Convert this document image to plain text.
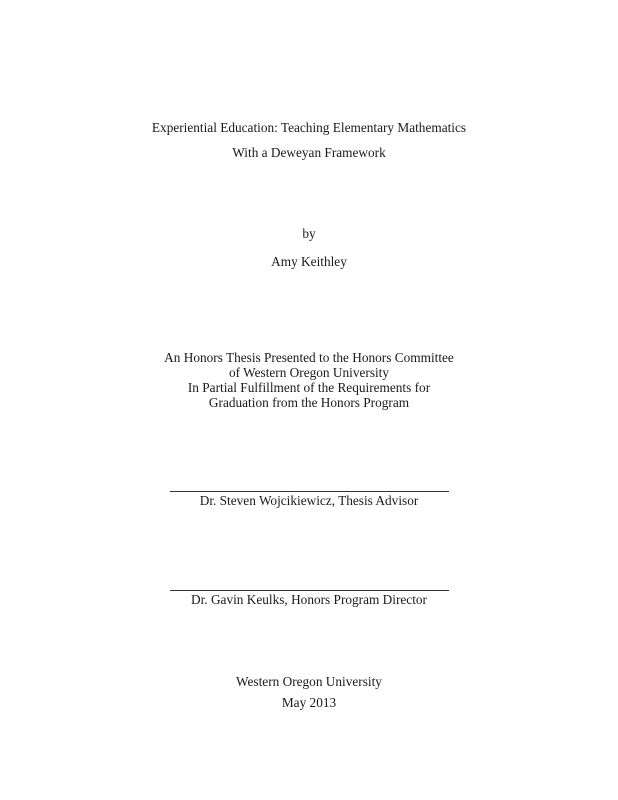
Experiential Education: Teaching Elementary Mathematics
With a Deweyan Framework
by
Amy Keithley
An Honors Thesis Presented to the Honors Committee
of Western Oregon University
In Partial Fulfillment of the Requirements for
Graduation from the Honors Program
Dr. Steven Wojcikiewicz, Thesis Advisor
Dr. Gavin Keulks, Honors Program Director
Western Oregon University
May 2013
